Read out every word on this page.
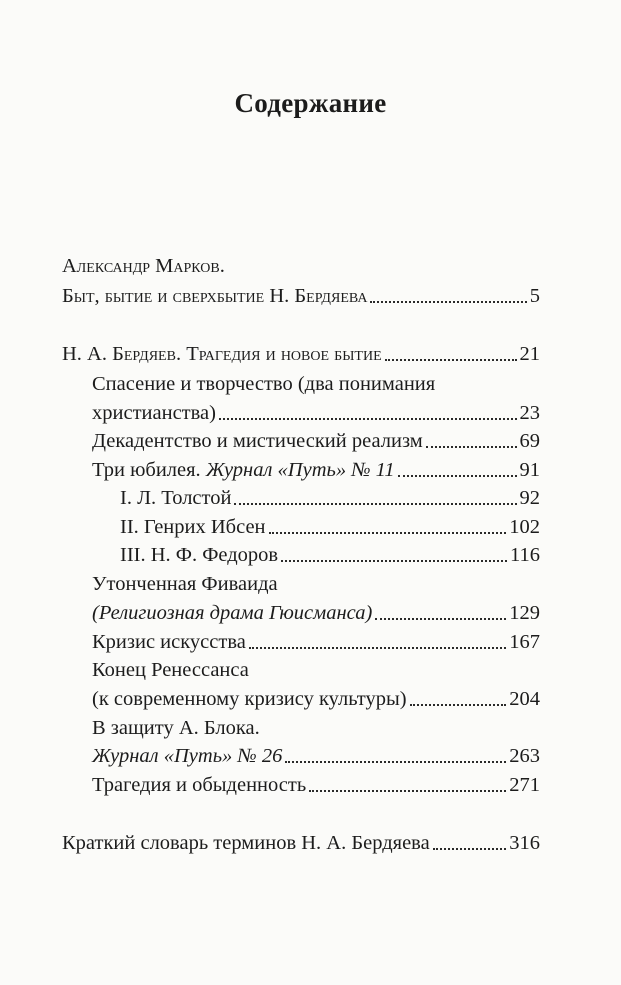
Содержание
Александр Марков.
Быт, бытие и сверхбытие Н. Бердяева	5
Н. А. Бердяев. Трагедия и новое бытие	21
Спасение и творчество (два понимания
христианства)	23
Декадентство и мистический реализм	69
Три юбилея. Журнал «Путь» № 11	91
I. Л. Толстой	92
II. Генрих Ибсен	102
III. Н. Ф. Федоров	116
Утонченная Фиваида
(Религиозная драма Гюисманса)	129
Кризис искусства	167
Конец Ренессанса
(к современному кризису культуры)	204
В защиту А. Блока.
Журнал «Путь» № 26	263
Трагедия и обыденность	271
Краткий словарь терминов Н. А. Бердяева	316
